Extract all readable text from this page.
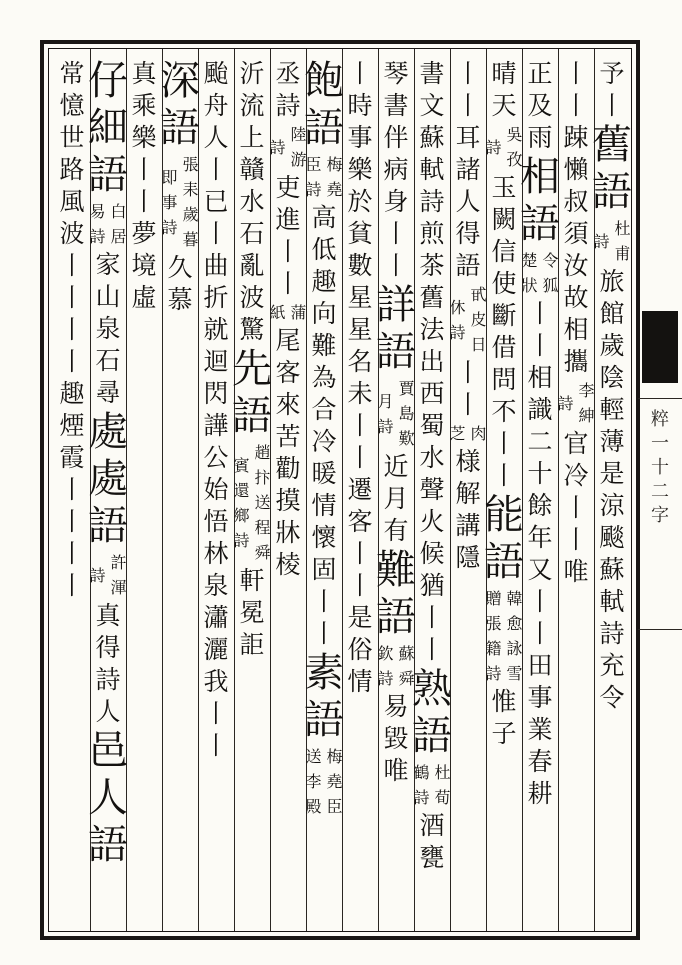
予
丨
舊
語
杜
甫
詩
旅
館
歲
陰
輕
薄
是
涼
颷
蘇
軾
詩
充
令
丨
丨
踈
懶
叔
須
汝
故
相
攜
李
紳
詩
官
冷
丨
丨
唯
正
及
雨
相
語
令
狐
楚
狀
丨
丨
相
識
二
十
餘
年
又
丨
丨
田
事
業
春
耕
晴
天
吳
孜
詩
玉
闕
信
使
斷
借
問
不
丨
丨
能
語
韓
愈
詠
雪
贈
張
籍
詩
惟
子
丨
丨
耳
諸
人
得
語
甙
皮
日
休
詩
丨
丨
肉
芝
様
解
講
隱
書
文
蘇
軾
詩
煎
茶
舊
法
出
西
蜀
水
聲
火
候
猶
丨
丨
熟
語
杜
荀
鶴
詩
酒
甕
琴
書
伴
病
身
丨
丨
詳
語
賈
島
歎
月
詩
近
月
有
難
語
蘇
舜
欽
詩
易
毀
唯
丨
時
事
樂
於
貧
數
星
星
名
未
丨
丨
遷
客
丨
丨
是
俗
情
飽
語
梅
堯
臣
詩
高
低
趣
向
難
為
合
冷
暖
情
懷
固
丨
丨
素
語
梅
堯
臣
送
李
殿
丞
詩
陸
游
詩
吏
進
丨
丨
蒲
紙
尾
客
來
苦
勸
摸
牀
棱
沂
流
上
贛
水
石
亂
波
驚
先
語
趙
抃
送
程
舜
賓
還
鄉
詩
軒
冕
詎
颱
舟
人
丨
已
丨
曲
折
就
迴
閃
譁
公
始
悟
林
泉
瀟
灑
我
丨
丨
深
語
張
耒
歲
暮
即
事
詩
久
慕
真
乘
樂
丨
丨
夢
境
虛
仔
細
語
白
居
易
詩
家
山
泉
石
尋
處
處
語
許
渾
詩
真
得
詩
人
邑
人
語
常
憶
世
路
風
波
丨
丨
丨
丨
趣
煙
霞
丨
丨
丨
丨
粹一十二字
